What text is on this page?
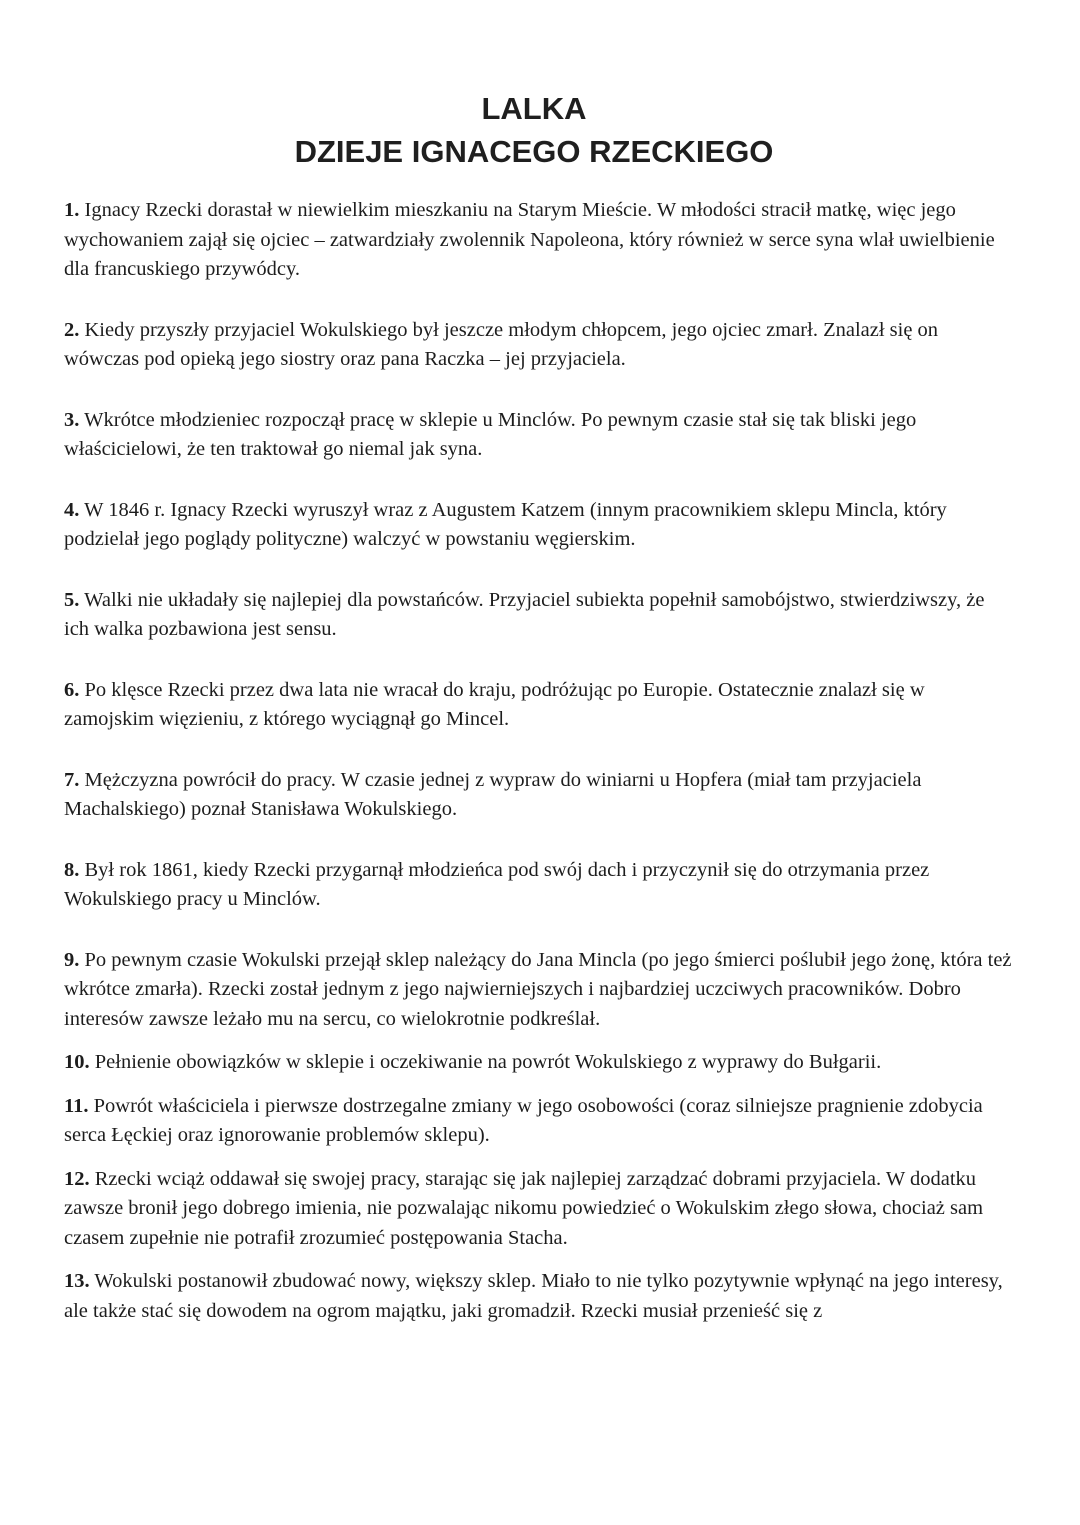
LALKA
DZIEJE IGNACEGO RZECKIEGO

1. Ignacy Rzecki dorastał w niewielkim mieszkaniu na Starym Mieście. W młodości stracił matkę, więc jego wychowaniem zajął się ojciec – zatwardziały zwolennik Napoleona, który również w serce syna wlał uwielbienie dla francuskiego przywódcy.

2. Kiedy przyszły przyjaciel Wokulskiego był jeszcze młodym chłopcem, jego ojciec zmarł. Znalazł się on wówczas pod opieką jego siostry oraz pana Raczka – jej przyjaciela.

3. Wkrótce młodzieniec rozpoczął pracę w sklepie u Minclów. Po pewnym czasie stał się tak bliski jego właścicielowi, że ten traktował go niemal jak syna.

4. W 1846 r. Ignacy Rzecki wyruszył wraz z Augustem Katzem (innym pracownikiem sklepu Mincla, który podzielał jego poglądy polityczne) walczyć w powstaniu węgierskim.

5. Walki nie układały się najlepiej dla powstańców. Przyjaciel subiekta popełnił samobójstwo, stwierdziwszy, że ich walka pozbawiona jest sensu.

6. Po klęsce Rzecki przez dwa lata nie wracał do kraju, podróżując po Europie. Ostatecznie znalazł się w zamojskim więzieniu, z którego wyciągnął go Mincel.

7. Mężczyzna powrócił do pracy. W czasie jednej z wypraw do winiarni u Hopfera (miał tam przyjaciela Machalskiego) poznał Stanisława Wokulskiego.

8. Był rok 1861, kiedy Rzecki przygarnął młodzieńca pod swój dach i przyczynił się do otrzymania przez Wokulskiego pracy u Minclów.

9. Po pewnym czasie Wokulski przejął sklep należący do Jana Mincla (po jego śmierci poślubił jego żonę, która też wkrótce zmarła). Rzecki został jednym z jego najwierniejszych i najbardziej uczciwych pracowników. Dobro interesów zawsze leżało mu na sercu, co wielokrotnie podkreślał.

10. Pełnienie obowiązków w sklepie i oczekiwanie na powrót Wokulskiego z wyprawy do Bułgarii.

11. Powrót właściciela i pierwsze dostrzegalne zmiany w jego osobowości (coraz silniejsze pragnienie zdobycia serca Łęckiej oraz ignorowanie problemów sklepu).

12. Rzecki wciąż oddawał się swojej pracy, starając się jak najlepiej zarządzać dobrami przyjaciela. W dodatku zawsze bronił jego dobrego imienia, nie pozwalając nikomu powiedzieć o Wokulskim złego słowa, chociaż sam czasem zupełnie nie potrafił zrozumieć postępowania Stacha.

13. Wokulski postanowił zbudować nowy, większy sklep. Miało to nie tylko pozytywnie wpłynąć na jego interesy, ale także stać się dowodem na ogrom majątku, jaki gromadził. Rzecki musiał przenieść się z
